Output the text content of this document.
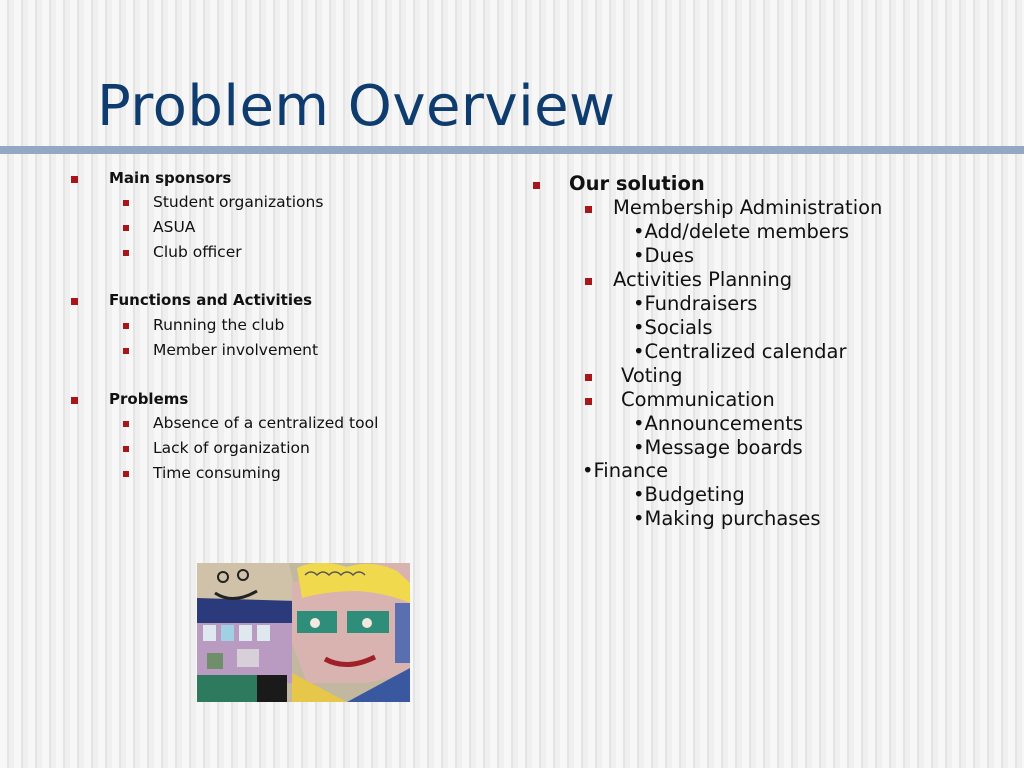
Problem Overview
Main sponsors
Student organizations
ASUA
Club officer
Functions and Activities
Running the club
Member involvement
Problems
Absence of a centralized tool
Lack of organization
Time consuming
Our solution
Membership Administration
•Add/delete members
•Dues
Activities Planning
•Fundraisers
•Socials
•Centralized calendar
Voting
Communication
•Announcements
•Message boards
•Finance
•Budgeting
•Making purchases
